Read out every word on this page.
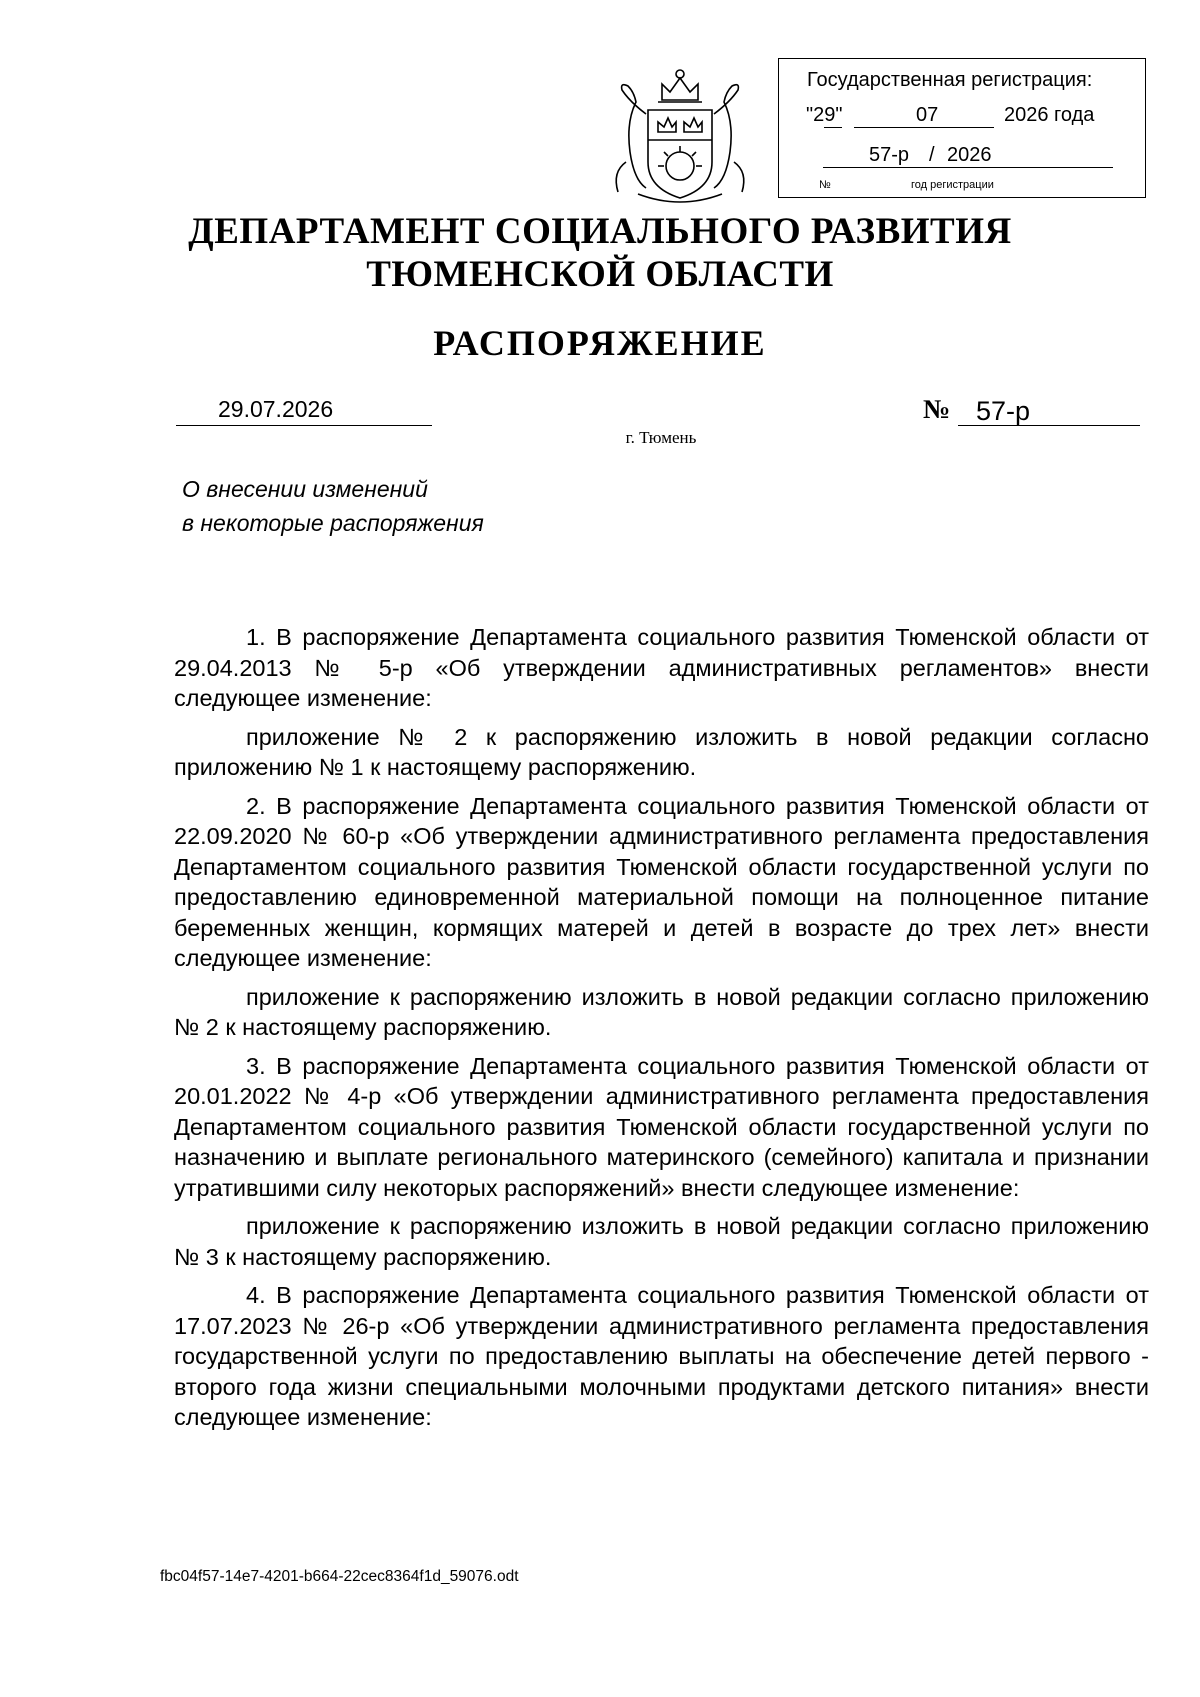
Государственная регистрация:
"29"	07	2026 года
57-р / 2026
№	год регистрации
ДЕПАРТАМЕНТ СОЦИАЛЬНОГО РАЗВИТИЯ
ТЮМЕНСКОЙ ОБЛАСТИ
РАСПОРЯЖЕНИЕ
29.07.2026	№ 57-р
г. Тюмень
О внесении изменений
в некоторые распоряжения

1. В распоряжение Департамента социального развития Тюменской области от 29.04.2013 № 5-р «Об утверждении административных регламентов» внести следующее изменение:

приложение № 2 к распоряжению изложить в новой редакции согласно приложению № 1 к настоящему распоряжению.

2. В распоряжение Департамента социального развития Тюменской области от 22.09.2020 № 60-р «Об утверждении административного регламента предоставления Департаментом социального развития Тюменской области государственной услуги по предоставлению единовременной материальной помощи на полноценное питание беременных женщин, кормящих матерей и детей в возрасте до трех лет» внести следующее изменение:

приложение к распоряжению изложить в новой редакции согласно приложению № 2 к настоящему распоряжению.

3. В распоряжение Департамента социального развития Тюменской области от 20.01.2022 № 4-р «Об утверждении административного регламента предоставления Департаментом социального развития Тюменской области государственной услуги по назначению и выплате регионального материнского (семейного) капитала и признании утратившими силу некоторых распоряжений» внести следующее изменение:

приложение к распоряжению изложить в новой редакции согласно приложению № 3 к настоящему распоряжению.

4. В распоряжение Департамента социального развития Тюменской области от 17.07.2023 № 26-р «Об утверждении административного регламента предоставления государственной услуги по предоставлению выплаты на обеспечение детей первого - второго года жизни специальными молочными продуктами детского питания» внести следующее изменение:

fbc04f57-14e7-4201-b664-22cec8364f1d_59076.odt
